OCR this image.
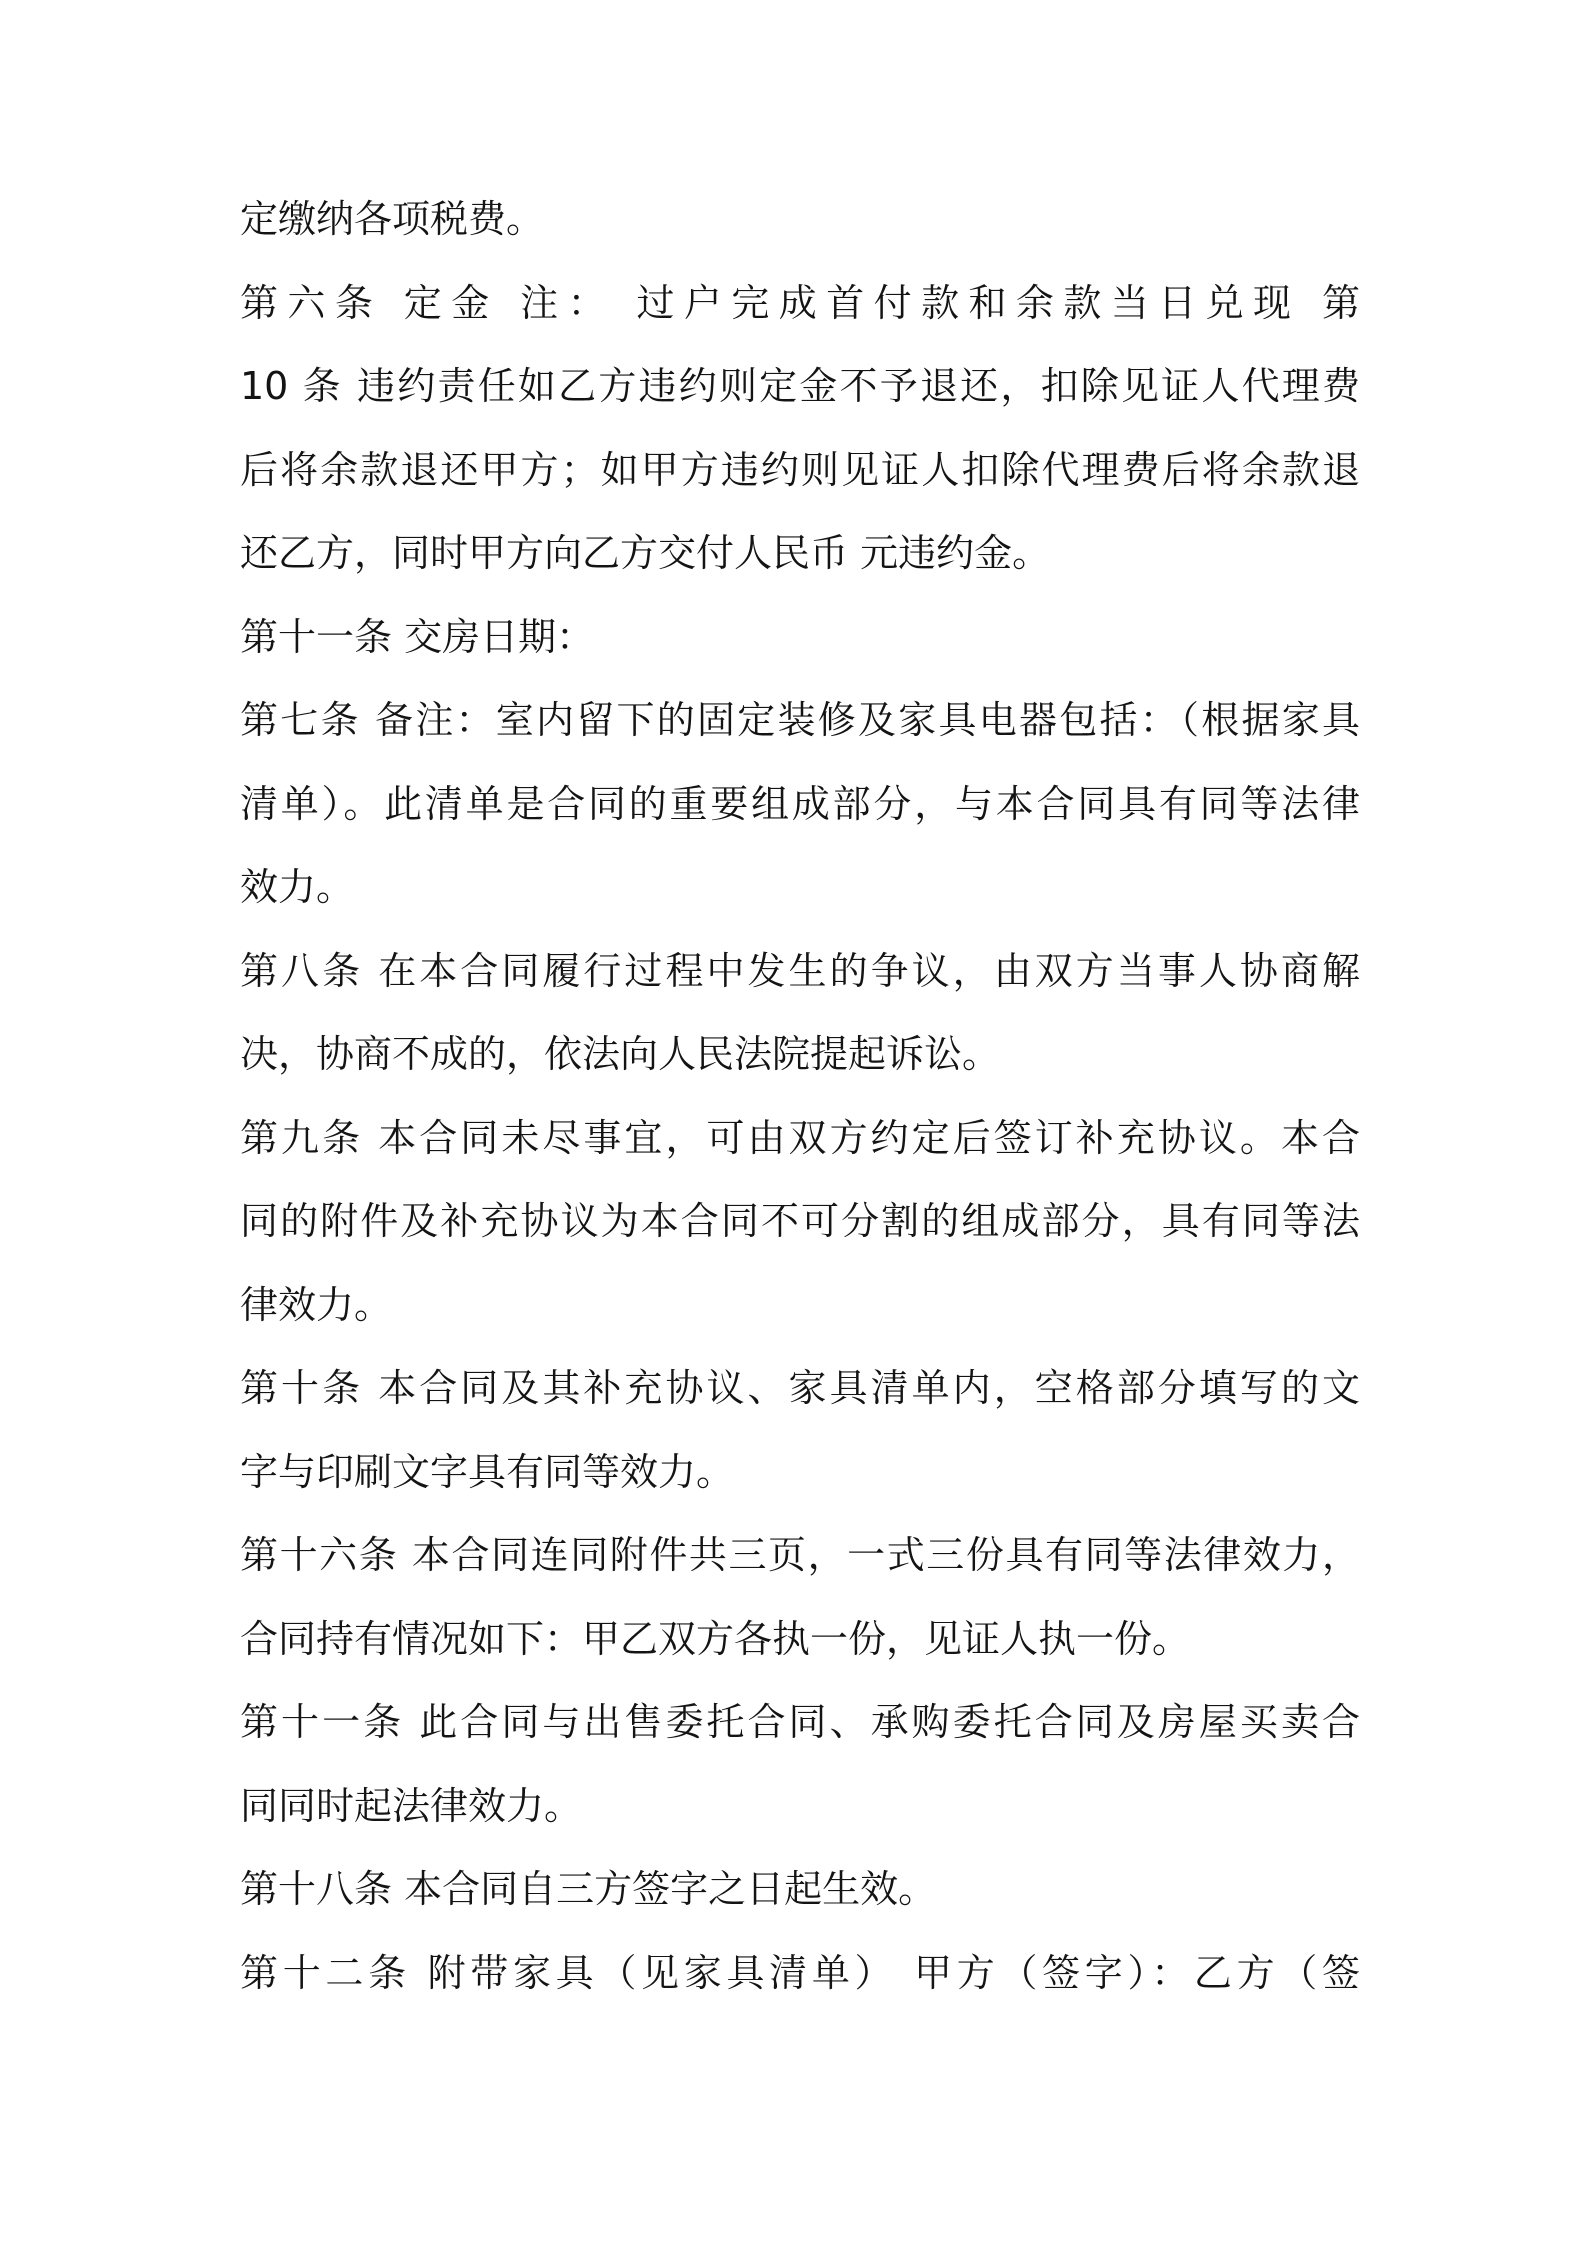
定缴纳各项税费。
第六条 定金 注： 过户完成首付款和余款当日兑现 第
10 条 违约责任如乙方违约则定金不予退还，扣除见证人代理费
后将余款退还甲方；如甲方违约则见证人扣除代理费后将余款退
还乙方，同时甲方向乙方交付人民币 元违约金。
第十一条 交房日期：
第七条 备注：室内留下的固定装修及家具电器包括：（根据家具
清单）。此清单是合同的重要组成部分，与本合同具有同等法律
效力。
第八条 在本合同履行过程中发生的争议，由双方当事人协商解
决，协商不成的，依法向人民法院提起诉讼。
第九条 本合同未尽事宜，可由双方约定后签订补充协议。本合
同的附件及补充协议为本合同不可分割的组成部分，具有同等法
律效力。
第十条 本合同及其补充协议、家具清单内，空格部分填写的文
字与印刷文字具有同等效力。
第十六条 本合同连同附件共三页，一式三份具有同等法律效力，
合同持有情况如下：甲乙双方各执一份，见证人执一份。
第十一条 此合同与出售委托合同、承购委托合同及房屋买卖合
同同时起法律效力。
第十八条 本合同自三方签字之日起生效。
第十二条 附带家具（见家具清单） 甲方（签字）：乙方（签
